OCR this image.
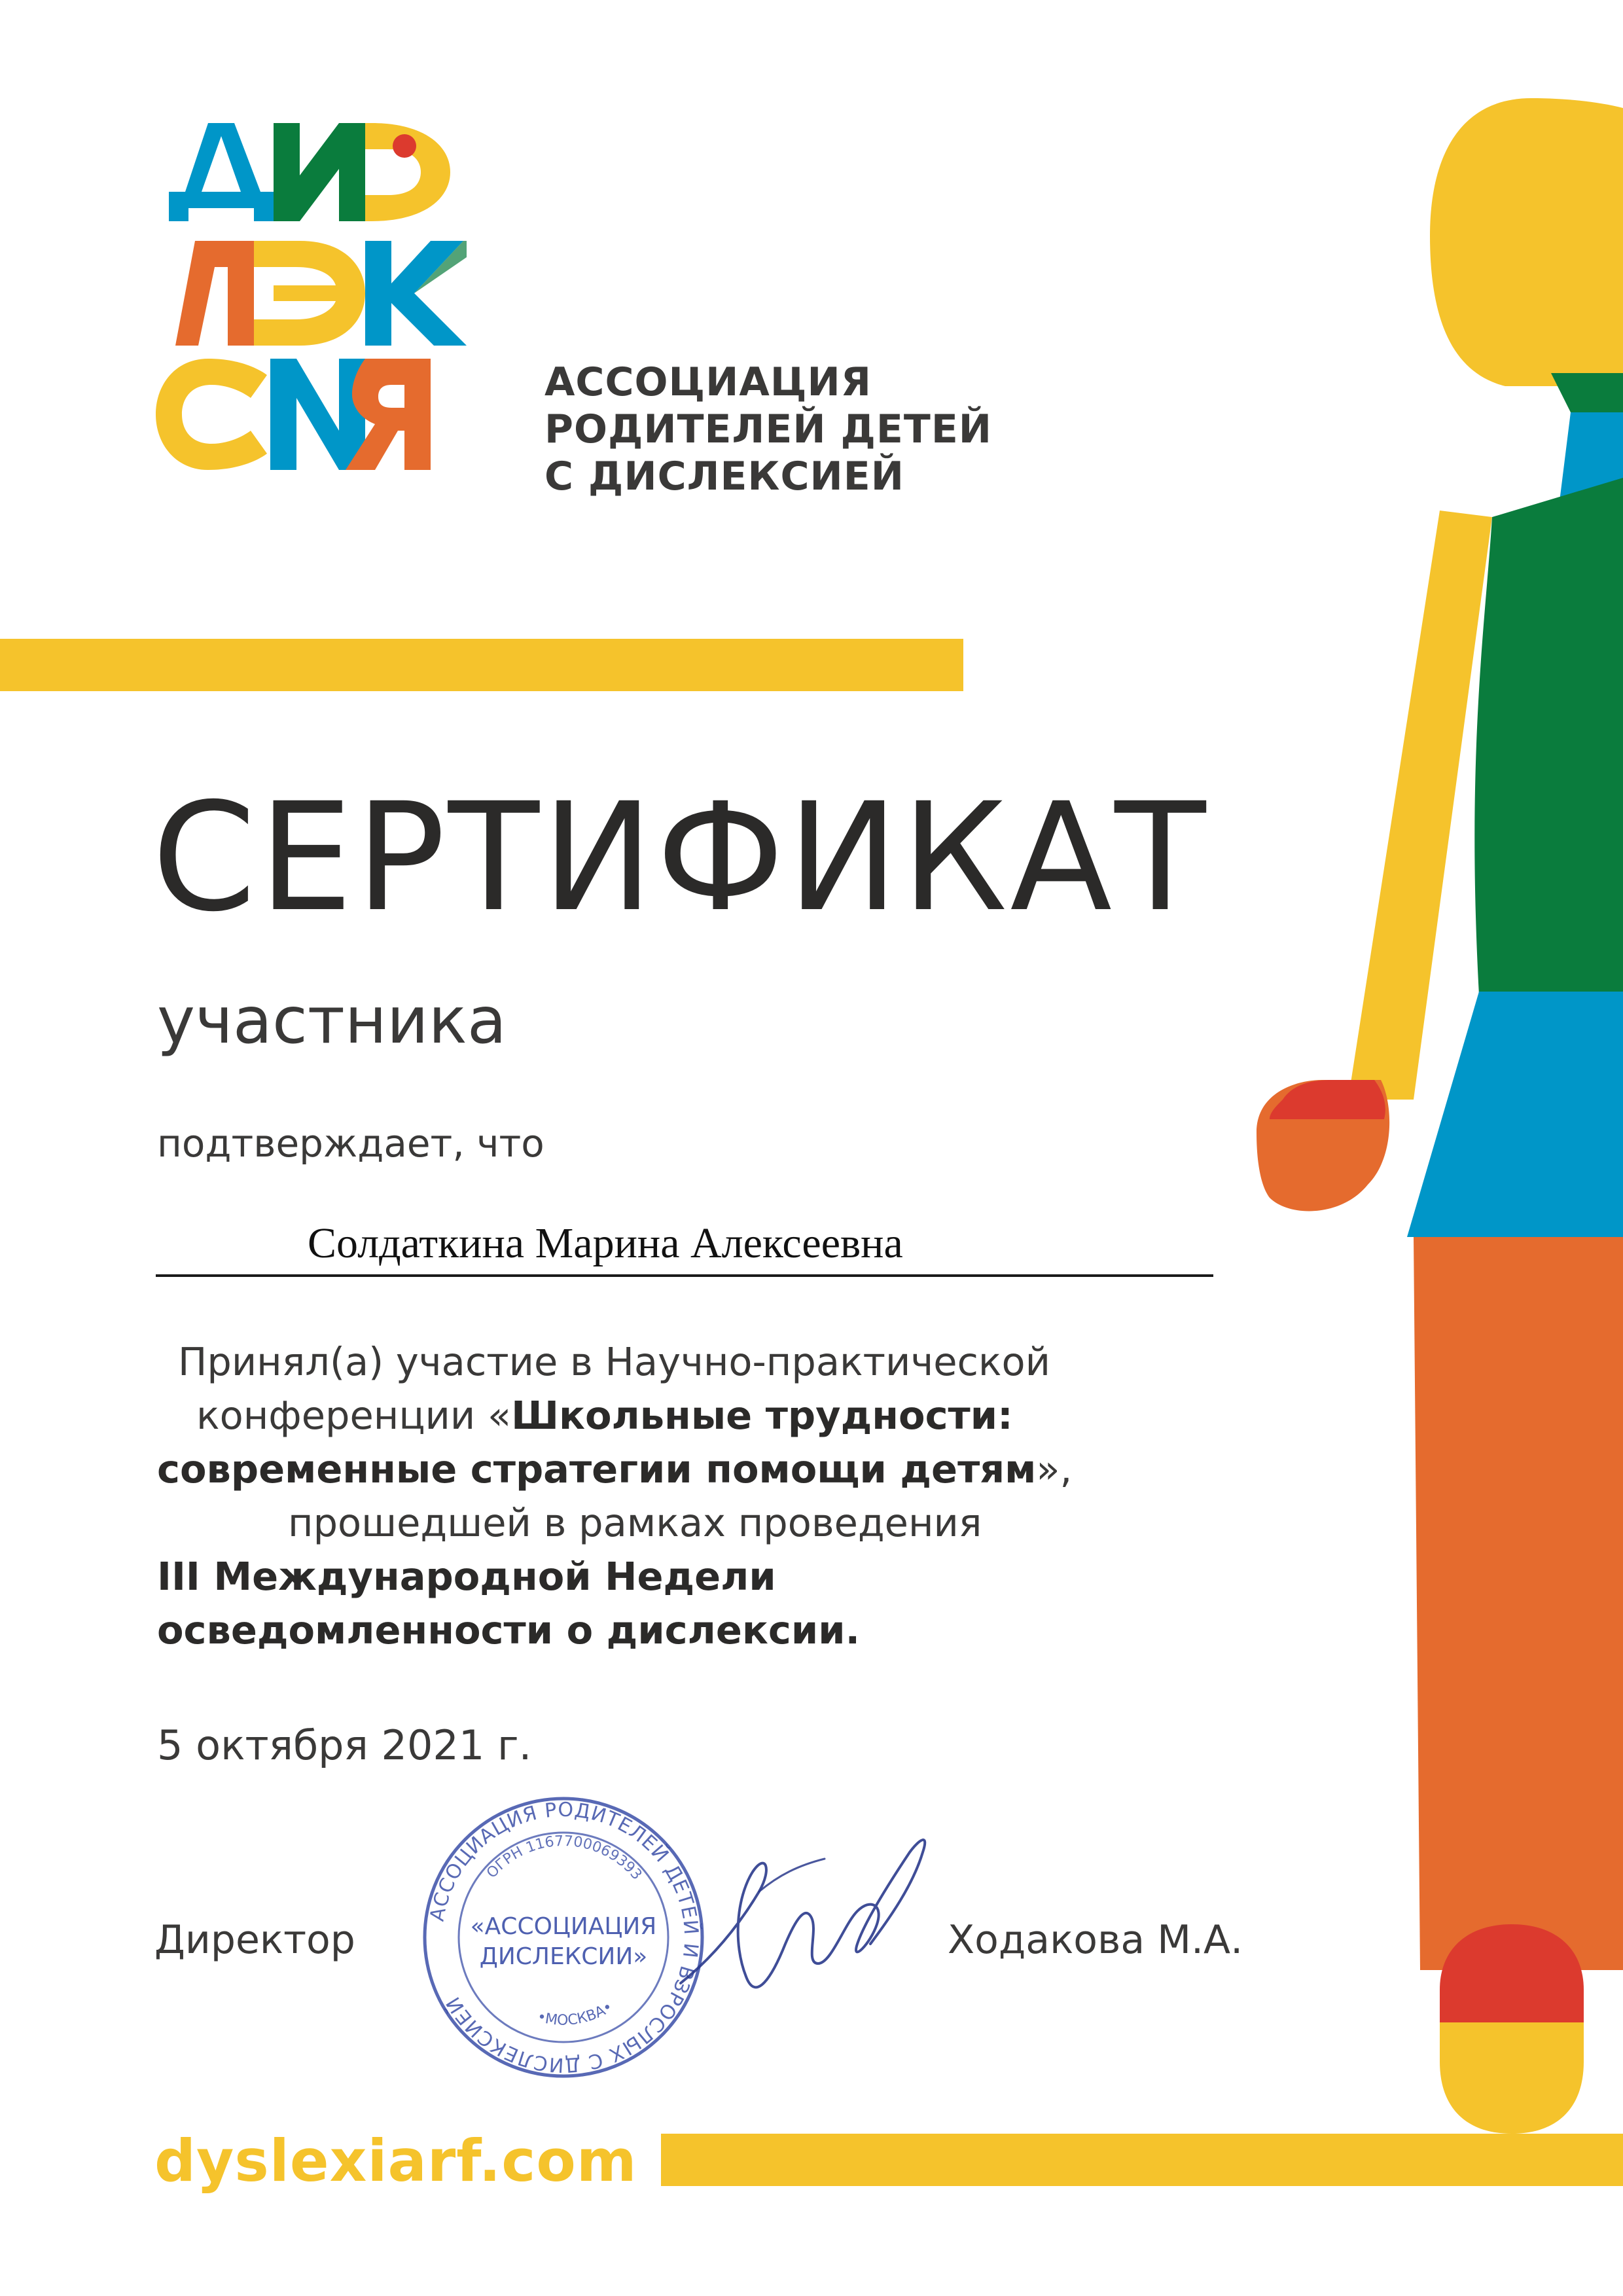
АССОЦИАЦИЯ
РОДИТЕЛЕЙ ДЕТЕЙ
С ДИСЛЕКСИЕЙ
СЕРТИФИКАТ
участника
подтверждает, что
Солдаткина Марина Алексеевна
Принял(а) участие в Научно-практической
конференции «Школьные трудности:
современные стратегии помощи детям»,
прошедшей в рамках проведения
III Международной Недели
осведомленности о дислексии.
5 октября 2021 г.
Директор	Ходакова М.А.
АССОЦИАЦИЯ РОДИТЕЛЕЙ ДЕТЕЙ И ВЗРОСЛЫХ С ДИСЛЕКСИЕЙ
ОГРН 1167700069393
«АССОЦИАЦИЯ
ДИСЛЕКСИИ»
•МОСКВА•
dyslexiarf.com
